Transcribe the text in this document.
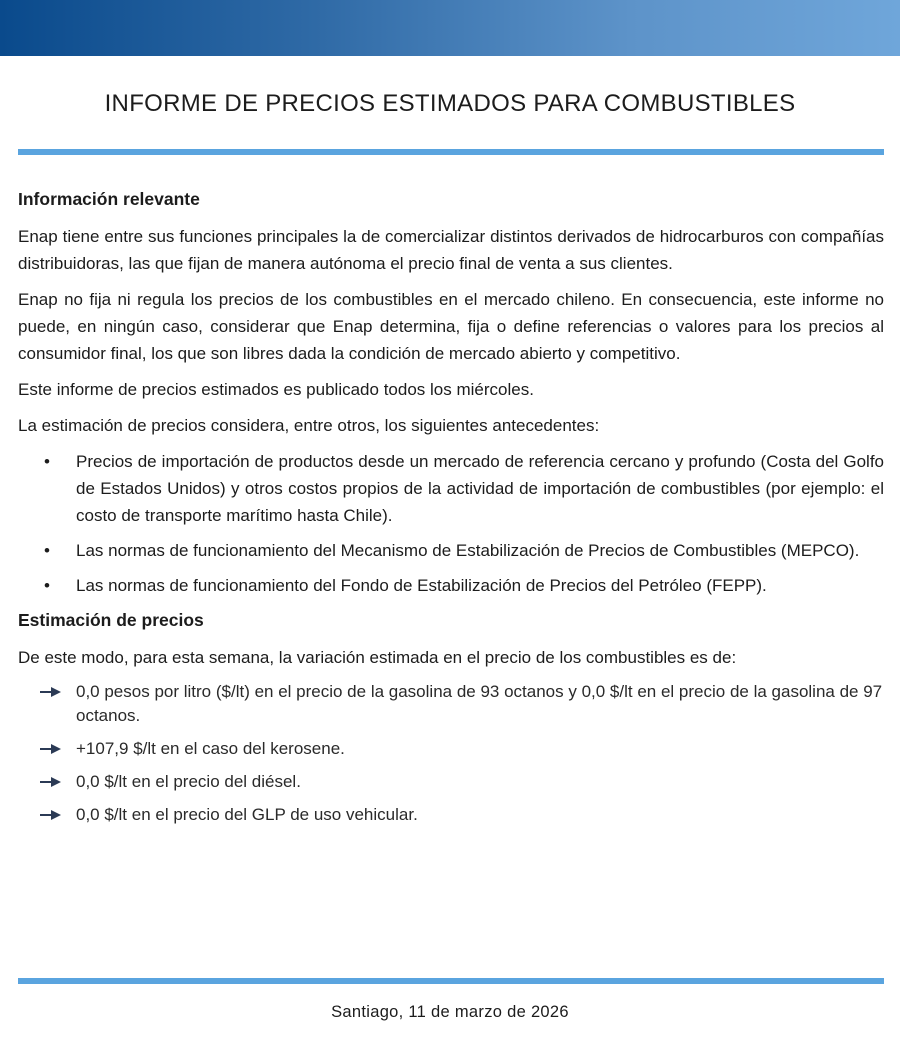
INFORME DE PRECIOS ESTIMADOS PARA COMBUSTIBLES
Información relevante

Enap tiene entre sus funciones principales la de comercializar distintos derivados de hidrocarburos con compañías distribuidoras, las que fijan de manera autónoma el precio final de venta a sus clientes.

Enap no fija ni regula los precios de los combustibles en el mercado chileno. En consecuencia, este informe no puede, en ningún caso, considerar que Enap determina, fija o define referencias o valores para los precios al consumidor final, los que son libres dada la condición de mercado abierto y competitivo.

Este informe de precios estimados es publicado todos los miércoles.

La estimación de precios considera, entre otros, los siguientes antecedentes:

• Precios de importación de productos desde un mercado de referencia cercano y profundo (Costa del Golfo de Estados Unidos) y otros costos propios de la actividad de importación de combustibles (por ejemplo: el costo de transporte marítimo hasta Chile).
• Las normas de funcionamiento del Mecanismo de Estabilización de Precios de Combustibles (MEPCO).
• Las normas de funcionamiento del Fondo de Estabilización de Precios del Petróleo (FEPP).
Estimación de precios

De este modo, para esta semana, la variación estimada en el precio de los combustibles es de:

0,0 pesos por litro ($/lt) en el precio de la gasolina de 93 octanos y 0,0 $/lt en el precio de la gasolina de 97 octanos.
+107,9 $/lt en el caso del kerosene.
0,0 $/lt en el precio del diésel.
0,0 $/lt en el precio del GLP de uso vehicular.
Santiago, 11 de marzo de 2026
